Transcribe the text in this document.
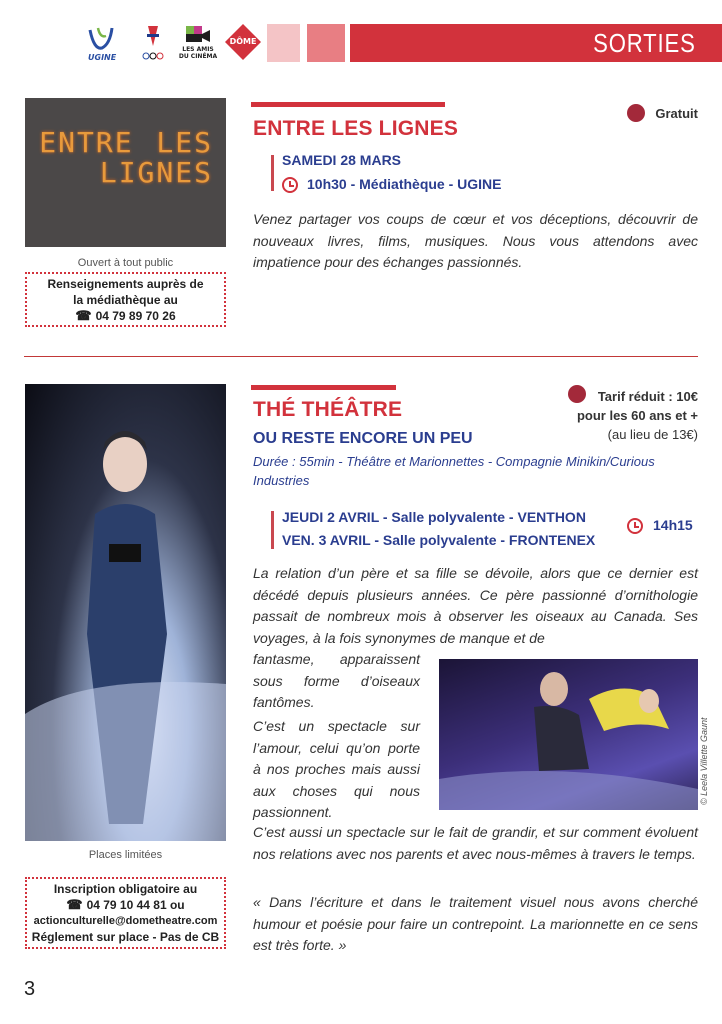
UGINE
LES AMIS DU CINÉMA
DÔME	SORTIES
ENTRE LES LIGNES
Ouvert à tout public
Renseignements auprès de
la médiathèque au
☎ 04 79 89 70 26
ENTRE LES LIGNES
Gratuit
SAMEDI 28 MARS
10h30 - Médiathèque - UGINE
Venez partager vos coups de cœur et vos déceptions, découvrir de nouveaux livres, films, musiques. Nous vous attendons avec impatience pour des échanges passionnés.
Places limitées
Inscription obligatoire au
☎ 04 79 10 44 81 ou
actionculturelle@dometheatre.com
Réglement sur place - Pas de CB
THÉ THÉÂTRE
OU RESTE ENCORE UN PEU
Tarif réduit : 10€
pour les 60 ans et +
(au lieu de 13€)
Durée : 55min - Théâtre et Marionnettes - Compagnie Minikin/Curious Industries
JEUDI 2 AVRIL - Salle polyvalente - VENTHON
VEN. 3 AVRIL - Salle polyvalente - FRONTENEX
14h15
La relation d’un père et sa fille se dévoile, alors que ce dernier est décédé depuis plusieurs années. Ce père passionné d’ornithologie passait de nombreux mois à observer les oiseaux au Canada. Ses voyages, à la fois synonymes de manque et de
fantasme, apparaissent sous forme d’oiseaux fantômes.
C’est un spectacle sur l’amour, celui qu’on porte à nos proches mais aussi aux choses qui nous passionnent.
© Leela Villette Gaunt
C’est aussi un spectacle sur le fait de grandir, et sur comment évoluent nos relations avec nos parents et avec nous-mêmes à travers le temps.
« Dans l’écriture et dans le traitement visuel nous avons cherché humour et poésie pour faire un contrepoint. La marionnette en ce sens est très forte. »
3
